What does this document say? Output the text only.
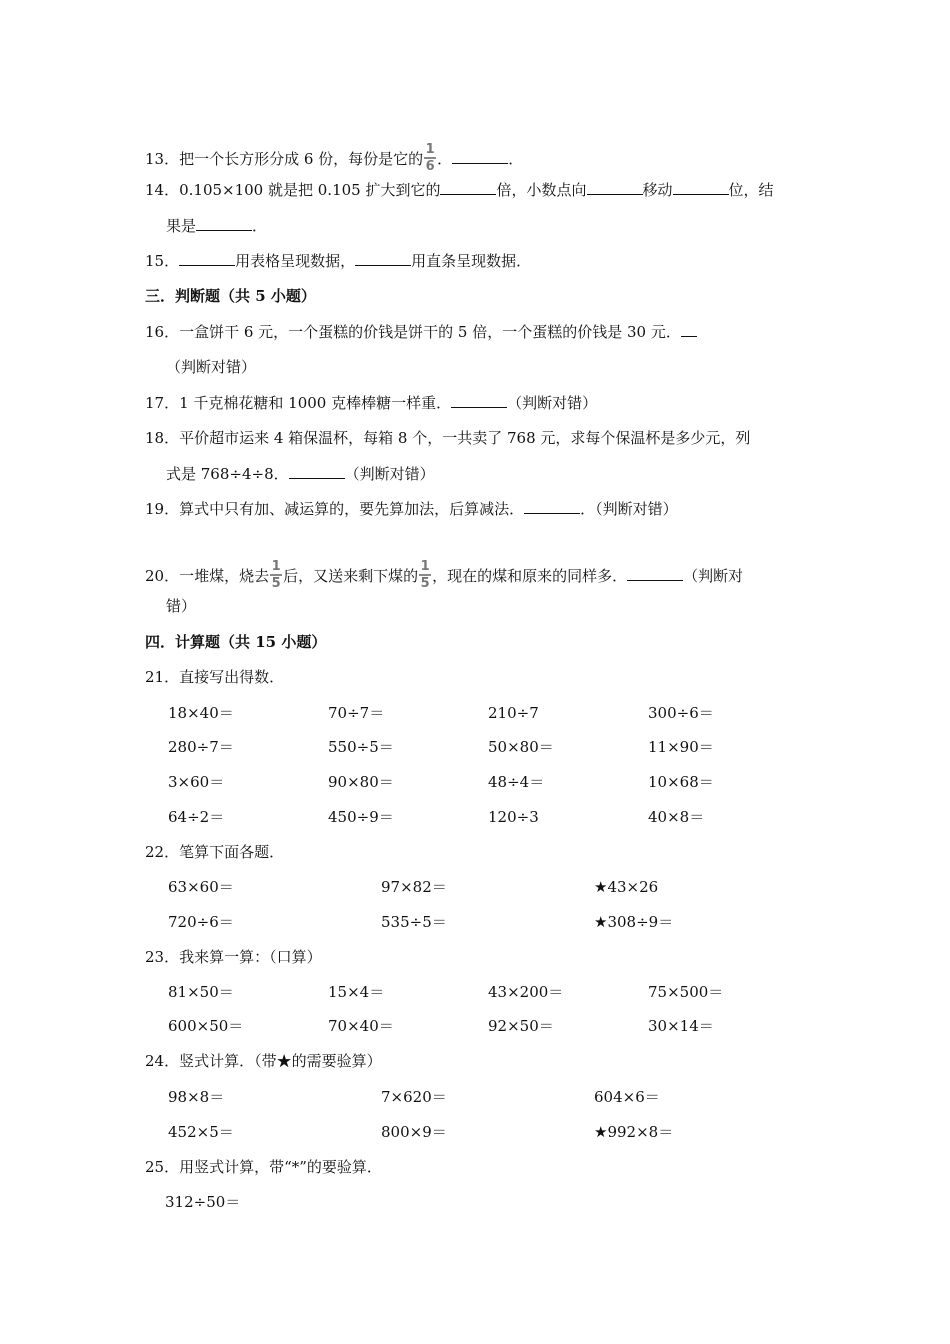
13．把一个长方形分成 6 份，每份是它的 $\frac{1}{6}$ ．	．
14．0.105×100 就是把 0.105 扩大到它的	倍，小数点向	移动	位，结
果是	．
15．	用表格呈现数据，	用直条呈现数据．
三．判断题（共 5 小题）
16．一盒饼干 6 元，一个蛋糕的价钱是饼干的 5 倍，一个蛋糕的价钱是 30 元．
（判断对错）
17．1 千克棉花糖和 1000 克棒棒糖一样重．	（判断对错）
18．平价超市运来 4 箱保温杯，每箱 8 个，一共卖了 768 元，求每个保温杯是多少元，列
式是 768÷4÷8．	（判断对错）
19．算式中只有加、减运算的，要先算加法，后算减法．	．（判断对错）
20．一堆煤，烧去 $\frac{1}{5}$ 后，又送来剩下煤的 $\frac{1}{5}$ ，现在的煤和原来的同样多．	（判断对
错）
四．计算题（共 15 小题）
21．直接写出得数．
18×40＝	70÷7＝	210÷7	300÷6＝
280÷7＝	550÷5＝	50×80＝	11×90＝
3×60＝	90×80＝	48÷4＝	10×68＝
64÷2＝	450÷9＝	120÷3	40×8＝
22．笔算下面各题．
63×60＝	97×82＝	★43×26
720÷6＝	535÷5＝	★308÷9＝
23．我来算一算：（口算）
81×50＝	15×4＝	43×200＝	75×500＝
600×50＝	70×40＝	92×50＝	30×14＝
24．竖式计算．（带★的需要验算）
98×8＝	7×620＝	604×6＝
452×5＝	800×9＝	★992×8＝
25．用竖式计算，带“*”的要验算．
312÷50＝
